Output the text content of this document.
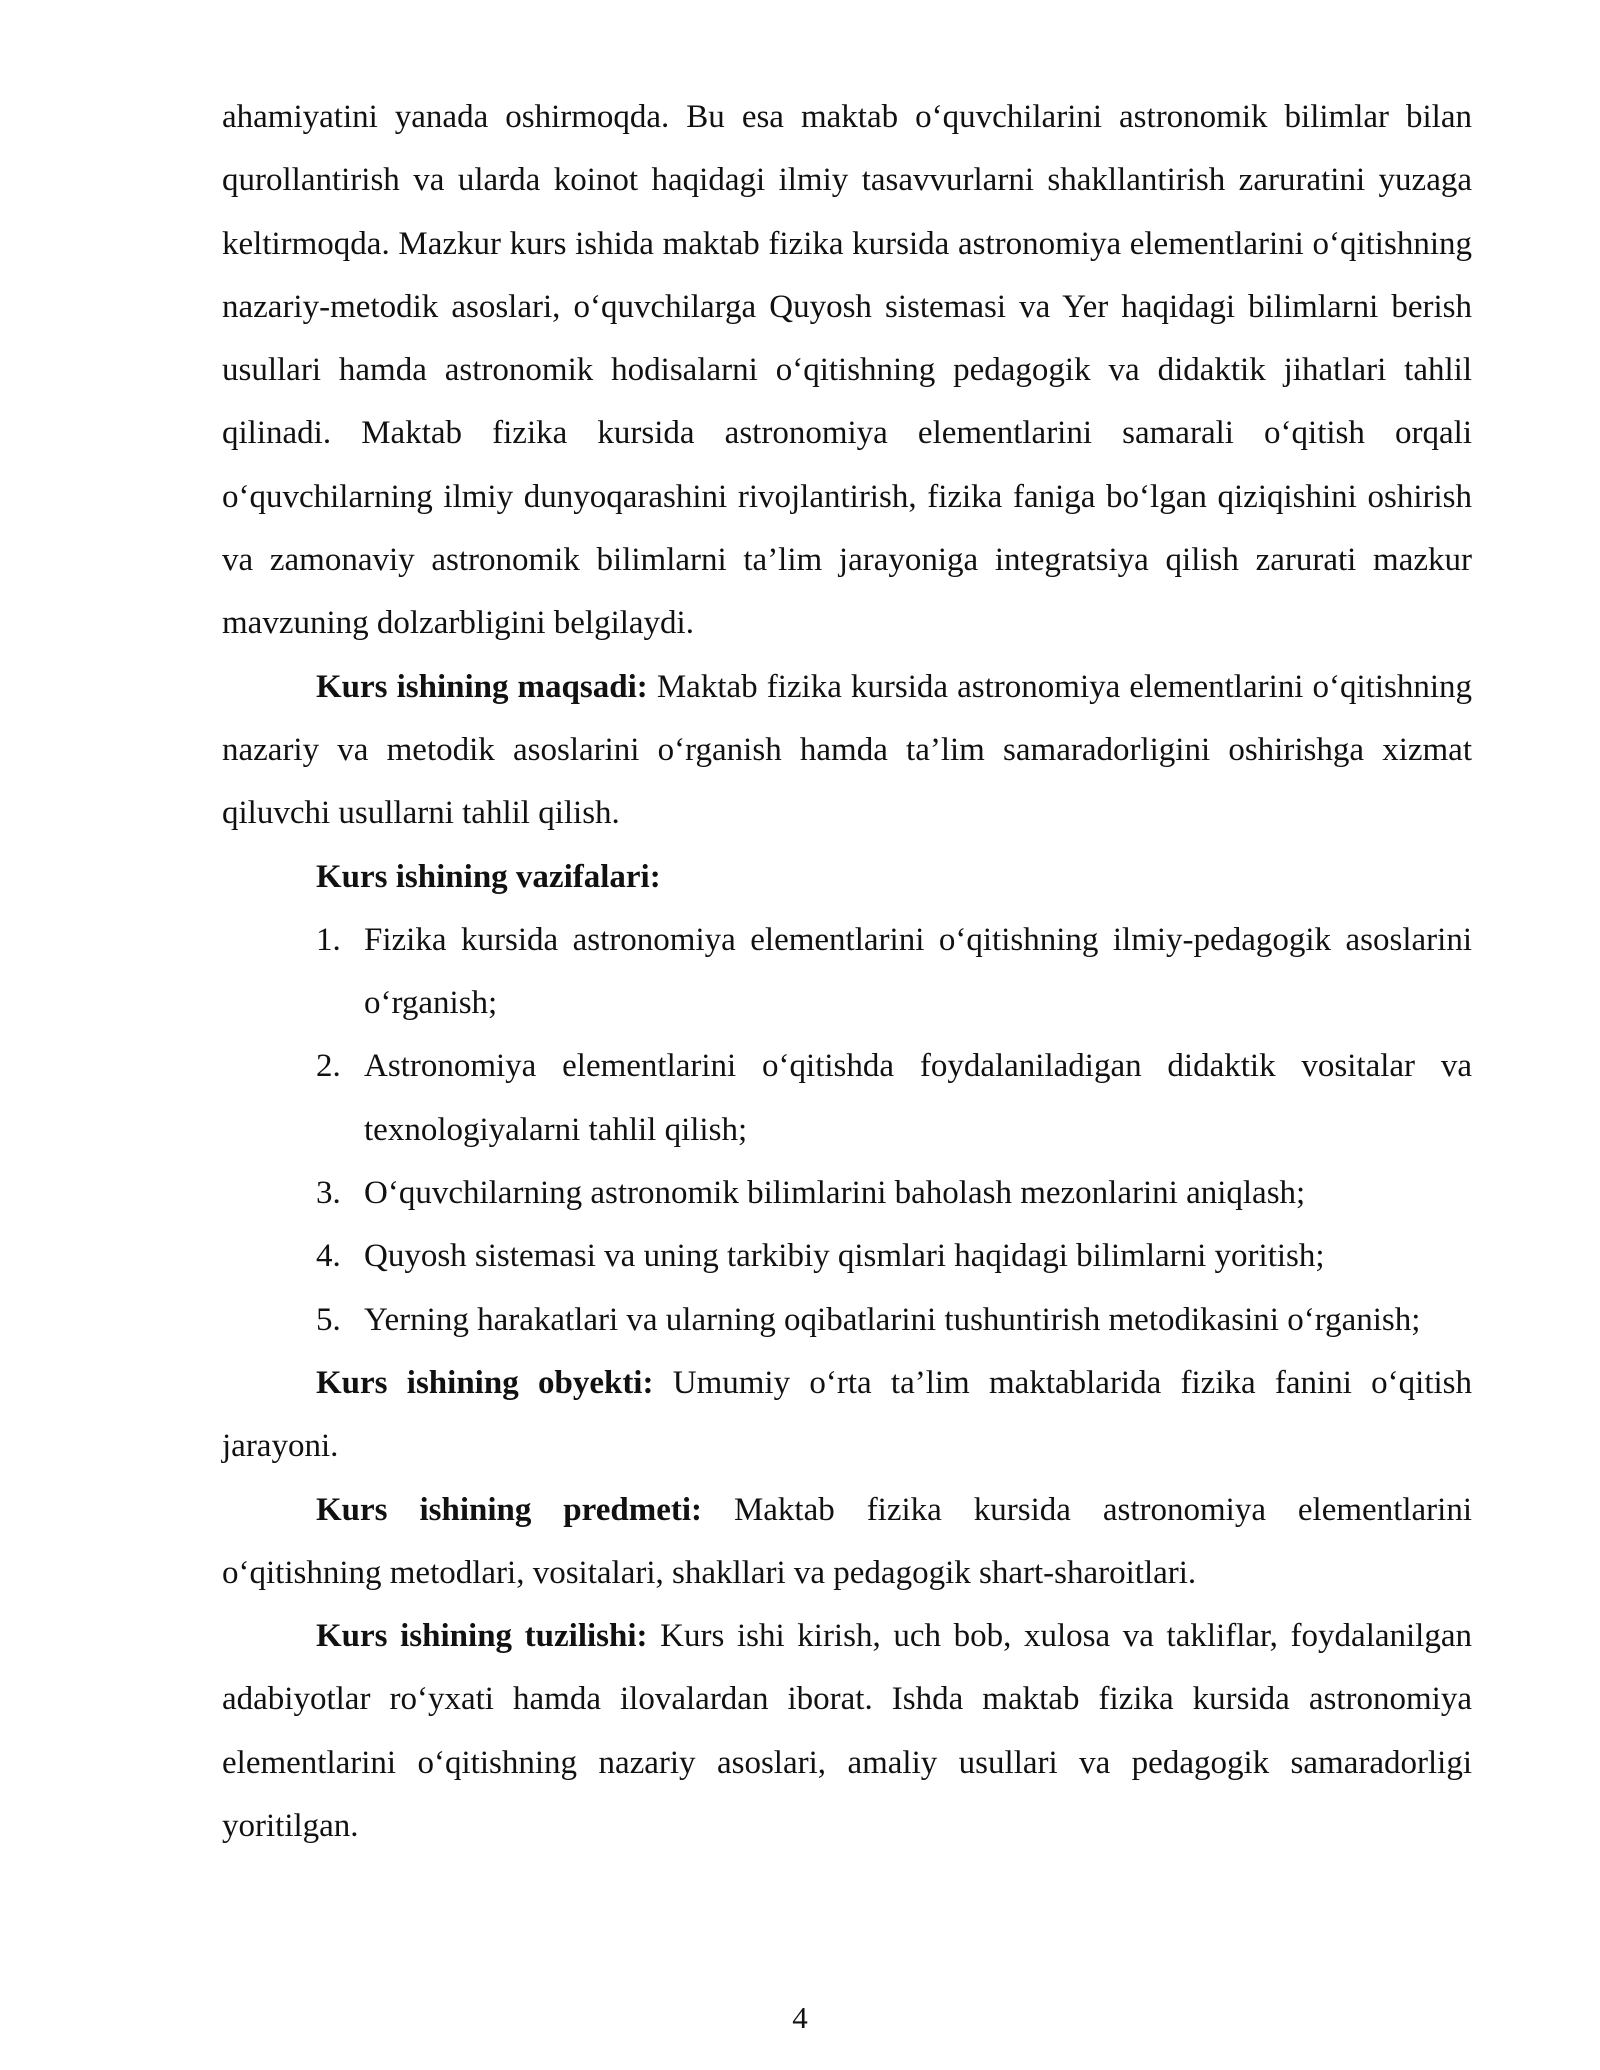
ahamiyatini yanada oshirmoqda. Bu esa maktab o‘quvchilarini astronomik bilimlar bilan qurollantirish va ularda koinot haqidagi ilmiy tasavvurlarni shakllantirish zaruratini yuzaga keltirmoqda. Mazkur kurs ishida maktab fizika kursida astronomiya elementlarini o‘qitishning nazariy-metodik asoslari, o‘quvchilarga Quyosh sistemasi va Yer haqidagi bilimlarni berish usullari hamda astronomik hodisalarni o‘qitishning pedagogik va didaktik jihatlari tahlil qilinadi. Maktab fizika kursida astronomiya elementlarini samarali o‘qitish orqali o‘quvchilarning ilmiy dunyoqarashini rivojlantirish, fizika faniga bo‘lgan qiziqishini oshirish va zamonaviy astronomik bilimlarni ta’lim jarayoniga integratsiya qilish zarurati mazkur mavzuning dolzarbligini belgilaydi.

Kurs ishining maqsadi: Maktab fizika kursida astronomiya elementlarini o‘qitishning nazariy va metodik asoslarini o‘rganish hamda ta’lim samaradorligini oshirishga xizmat qiluvchi usullarni tahlil qilish.

Kurs ishining vazifalari:

1. Fizika kursida astronomiya elementlarini o‘qitishning ilmiy-pedagogik asoslarini o‘rganish;
2. Astronomiya elementlarini o‘qitishda foydalaniladigan didaktik vositalar va texnologiyalarni tahlil qilish;
3. O‘quvchilarning astronomik bilimlarini baholash mezonlarini aniqlash;
4. Quyosh sistemasi va uning tarkibiy qismlari haqidagi bilimlarni yoritish;
5. Yerning harakatlari va ularning oqibatlarini tushuntirish metodikasini o‘rganish;

Kurs ishining obyekti: Umumiy o‘rta ta’lim maktablarida fizika fanini o‘qitish jarayoni.

Kurs ishining predmeti: Maktab fizika kursida astronomiya elementlarini o‘qitishning metodlari, vositalari, shakllari va pedagogik shart-sharoitlari.

Kurs ishining tuzilishi: Kurs ishi kirish, uch bob, xulosa va takliflar, foydalanilgan adabiyotlar ro‘yxati hamda ilovalardan iborat. Ishda maktab fizika kursida astronomiya elementlarini o‘qitishning nazariy asoslari, amaliy usullari va pedagogik samaradorligi yoritilgan.

4
